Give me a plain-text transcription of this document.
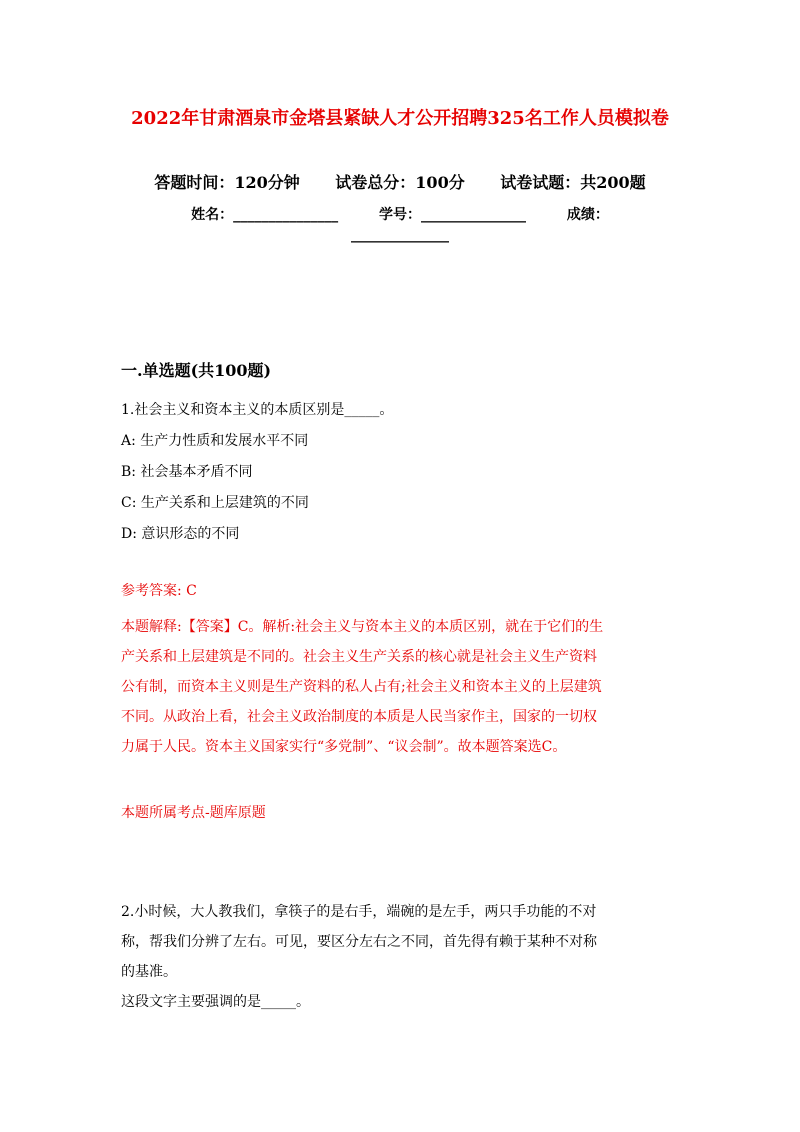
2022年甘肃酒泉市金塔县紧缺人才公开招聘325名工作人员模拟卷
答题时间：120分钟 试卷总分：100分 试卷试题：共200题
姓名：_______________	学号：_______________	成绩：
______________
一.单选题(共100题)
1.社会主义和资本主义的本质区别是_____。
A: 生产力性质和发展水平不同
B: 社会基本矛盾不同
C: 生产关系和上层建筑的不同
D: 意识形态的不同
参考答案: C
本题解释:【答案】C。解析:社会主义与资本主义的本质区别，就在于它们的生
产关系和上层建筑是不同的。社会主义生产关系的核心就是社会主义生产资料
公有制，而资本主义则是生产资料的私人占有;社会主义和资本主义的上层建筑
不同。从政治上看，社会主义政治制度的本质是人民当家作主，国家的一切权
力属于人民。资本主义国家实行“多党制”、“议会制”。故本题答案选C。
本题所属考点-题库原题
2.小时候，大人教我们，拿筷子的是右手，端碗的是左手，两只手功能的不对
称，帮我们分辨了左右。可见，要区分左右之不同，首先得有赖于某种不对称
的基准。
这段文字主要强调的是_____。
